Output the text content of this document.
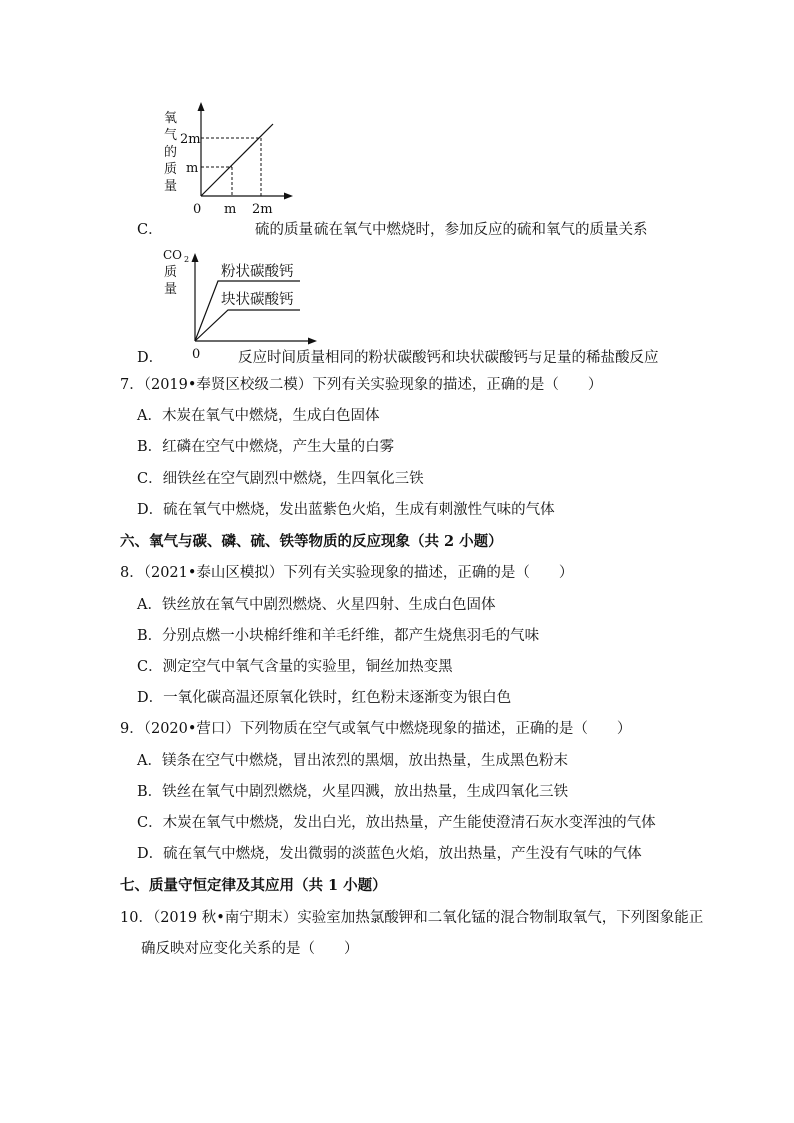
氧
气
的
质
量
2m
m
0 m 2m
C．	硫的质量 硫在氧气中燃烧时，参加反应的硫和氧气的质量关系
CO 2
质
量
0
粉状碳酸钙
块状碳酸钙
D．	反应时间 质量相同的粉状碳酸钙和块状碳酸钙与足量的稀盐酸反应
7．（2019•奉贤区校级二模）下列有关实验现象的描述，正确的是（　　）
A．木炭在氧气中燃烧，生成白色固体
B．红磷在空气中燃烧，产生大量的白雾
C．细铁丝在空气剧烈中燃烧，生四氧化三铁
D．硫在氧气中燃烧，发出蓝紫色火焰，生成有刺激性气味的气体
六、氧气与碳、磷、硫、铁等物质的反应现象（共 2 小题）
8．（2021•泰山区模拟）下列有关实验现象的描述，正确的是（　　）
A．铁丝放在氧气中剧烈燃烧、火星四射、生成白色固体
B．分别点燃一小块棉纤维和羊毛纤维，都产生烧焦羽毛的气味
C．测定空气中氧气含量的实验里，铜丝加热变黑
D．一氧化碳高温还原氧化铁时，红色粉末逐渐变为银白色
9．（2020•营口）下列物质在空气或氧气中燃烧现象的描述，正确的是（　　）
A．镁条在空气中燃烧，冒出浓烈的黑烟，放出热量，生成黑色粉末
B．铁丝在氧气中剧烈燃烧，火星四溅，放出热量，生成四氧化三铁
C．木炭在氧气中燃烧，发出白光，放出热量，产生能使澄清石灰水变浑浊的气体
D．硫在氧气中燃烧，发出微弱的淡蓝色火焰，放出热量，产生没有气味的气体
七、质量守恒定律及其应用（共 1 小题）
10．（2019 秋•南宁期末）实验室加热氯酸钾和二氧化锰的混合物制取氧气，下列图象能正
确反映对应变化关系的是（　　）
